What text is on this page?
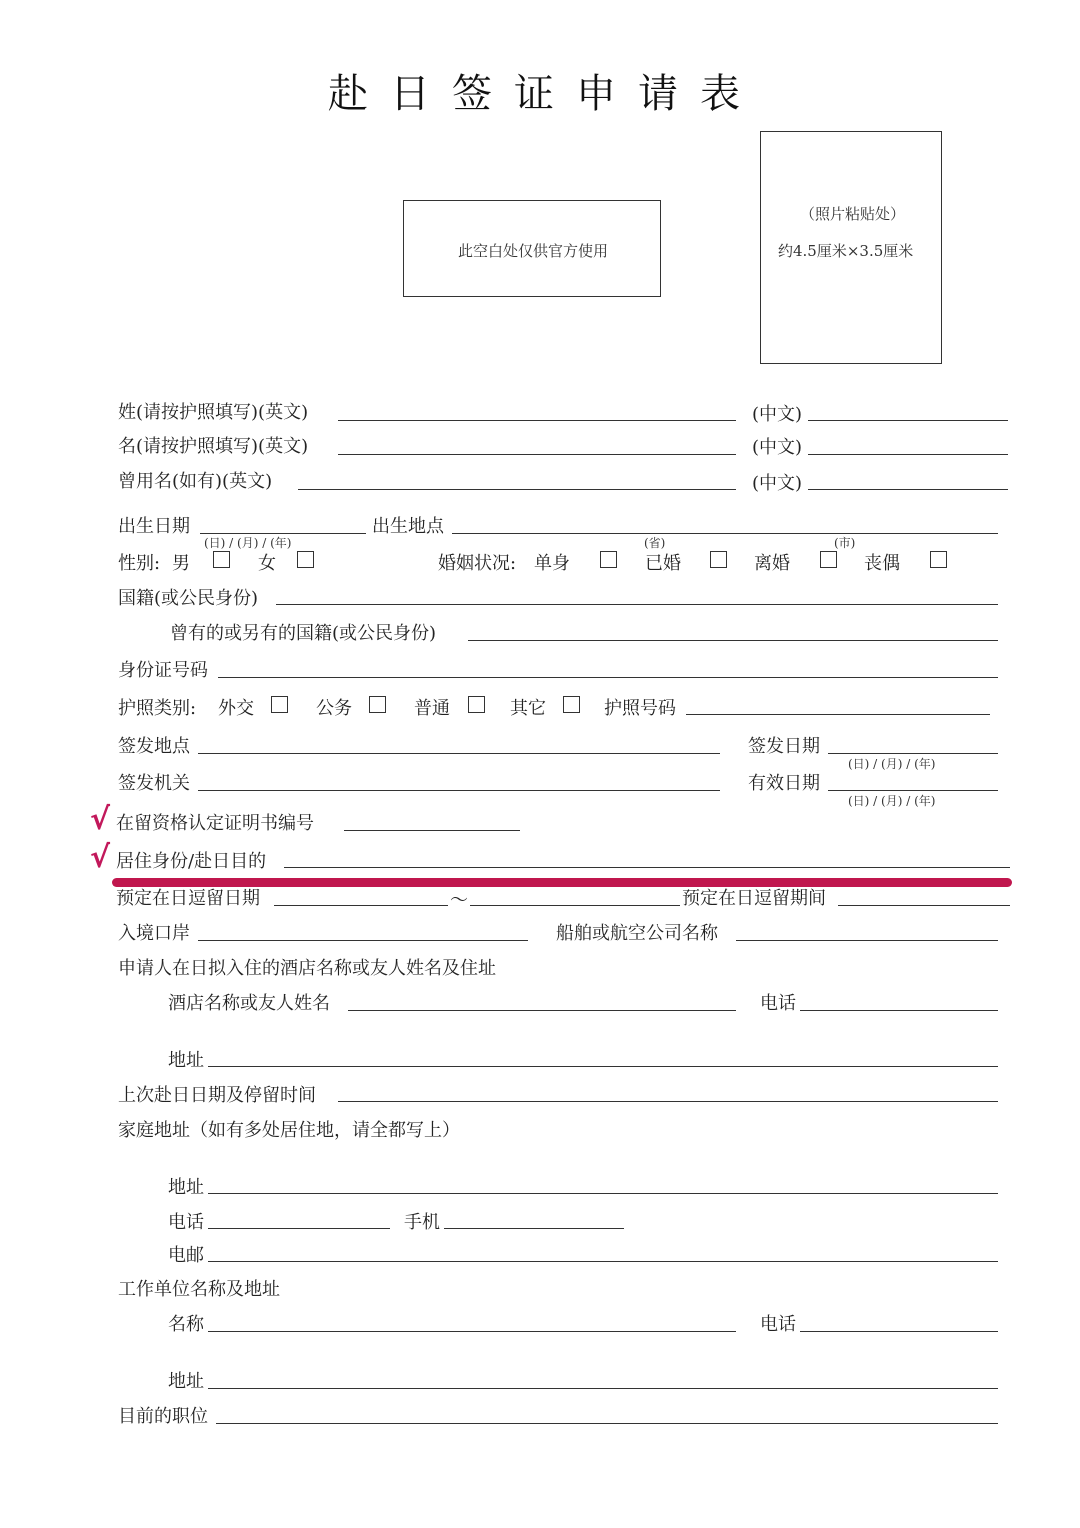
赴日签证申请表
此空白处仅供官方使用
（照片粘贴处）
约4.5厘米×3.5厘米
姓(请按护照填写)(英文)	(中文)
名(请按护照填写)(英文)	(中文)
曾用名(如有)(英文)	(中文)
出生日期
(日) / (月) / (年)
出生地点
(省)	(市)
性别: 男	女	婚姻状况: 单身	已婚	离婚	丧偶
国籍(或公民身份)
曾有的或另有的国籍(或公民身份)
身份证号码
护照类别: 外交	公务	普通	其它	护照号码
签发地点	签发日期
(日) / (月) / (年)
签发机关	有效日期
(日) / (月) / (年)
√ 在留资格认定证明书编号
√ 居住身份/赴日目的
预定在日逗留日期	～	预定在日逗留期间
入境口岸	船舶或航空公司名称
申请人在日拟入住的酒店名称或友人姓名及住址
酒店名称或友人姓名	电话
地址
上次赴日日期及停留时间
家庭地址（如有多处居住地，请全都写上）
地址
电话	手机
电邮
工作单位名称及地址
名称	电话
地址
目前的职位
